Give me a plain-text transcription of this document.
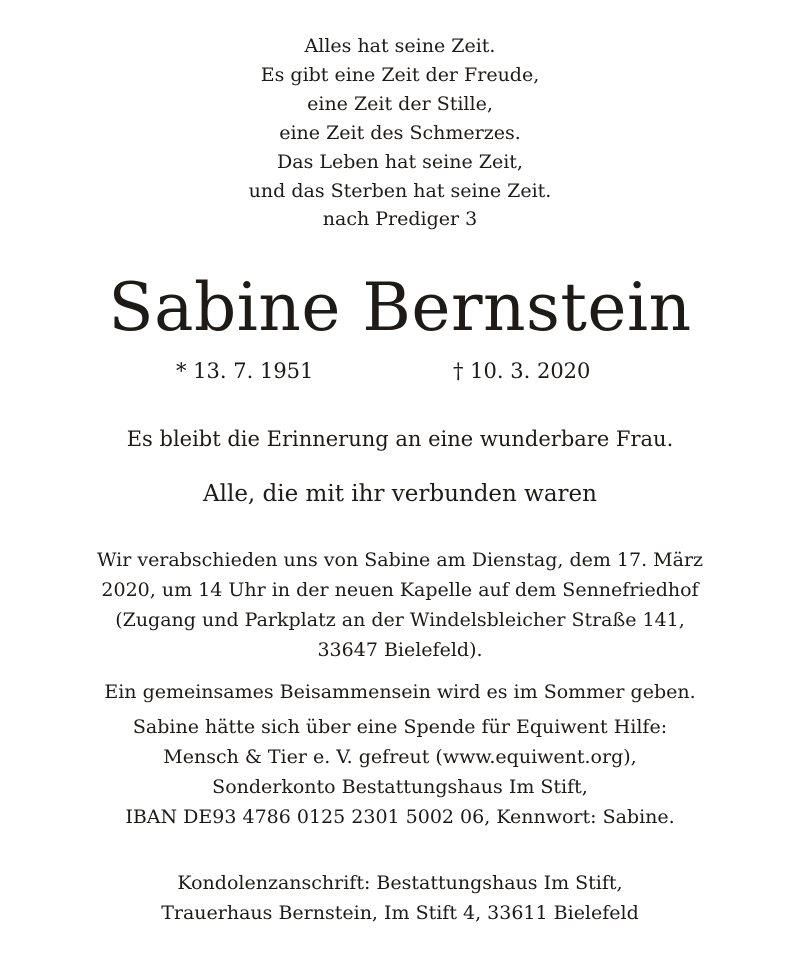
Alles hat seine Zeit.
Es gibt eine Zeit der Freude,
eine Zeit der Stille,
eine Zeit des Schmerzes.
Das Leben hat seine Zeit,
und das Sterben hat seine Zeit.
nach Prediger 3
Sabine Bernstein
* 13. 7. 1951	† 10. 3. 2020
Es bleibt die Erinnerung an eine wunderbare Frau.
Alle, die mit ihr verbunden waren
Wir verabschieden uns von Sabine am Dienstag, dem 17. März
2020, um 14 Uhr in der neuen Kapelle auf dem Sennefriedhof
(Zugang und Parkplatz an der Windelsbleicher Straße 141,
33647 Bielefeld).
Ein gemeinsames Beisammensein wird es im Sommer geben.
Sabine hätte sich über eine Spende für Equiwent Hilfe:
Mensch & Tier e. V. gefreut (www.equiwent.org),
Sonderkonto Bestattungshaus Im Stift,
IBAN DE93 4786 0125 2301 5002 06, Kennwort: Sabine.
Kondolenzanschrift: Bestattungshaus Im Stift,
Trauerhaus Bernstein, Im Stift 4, 33611 Bielefeld
